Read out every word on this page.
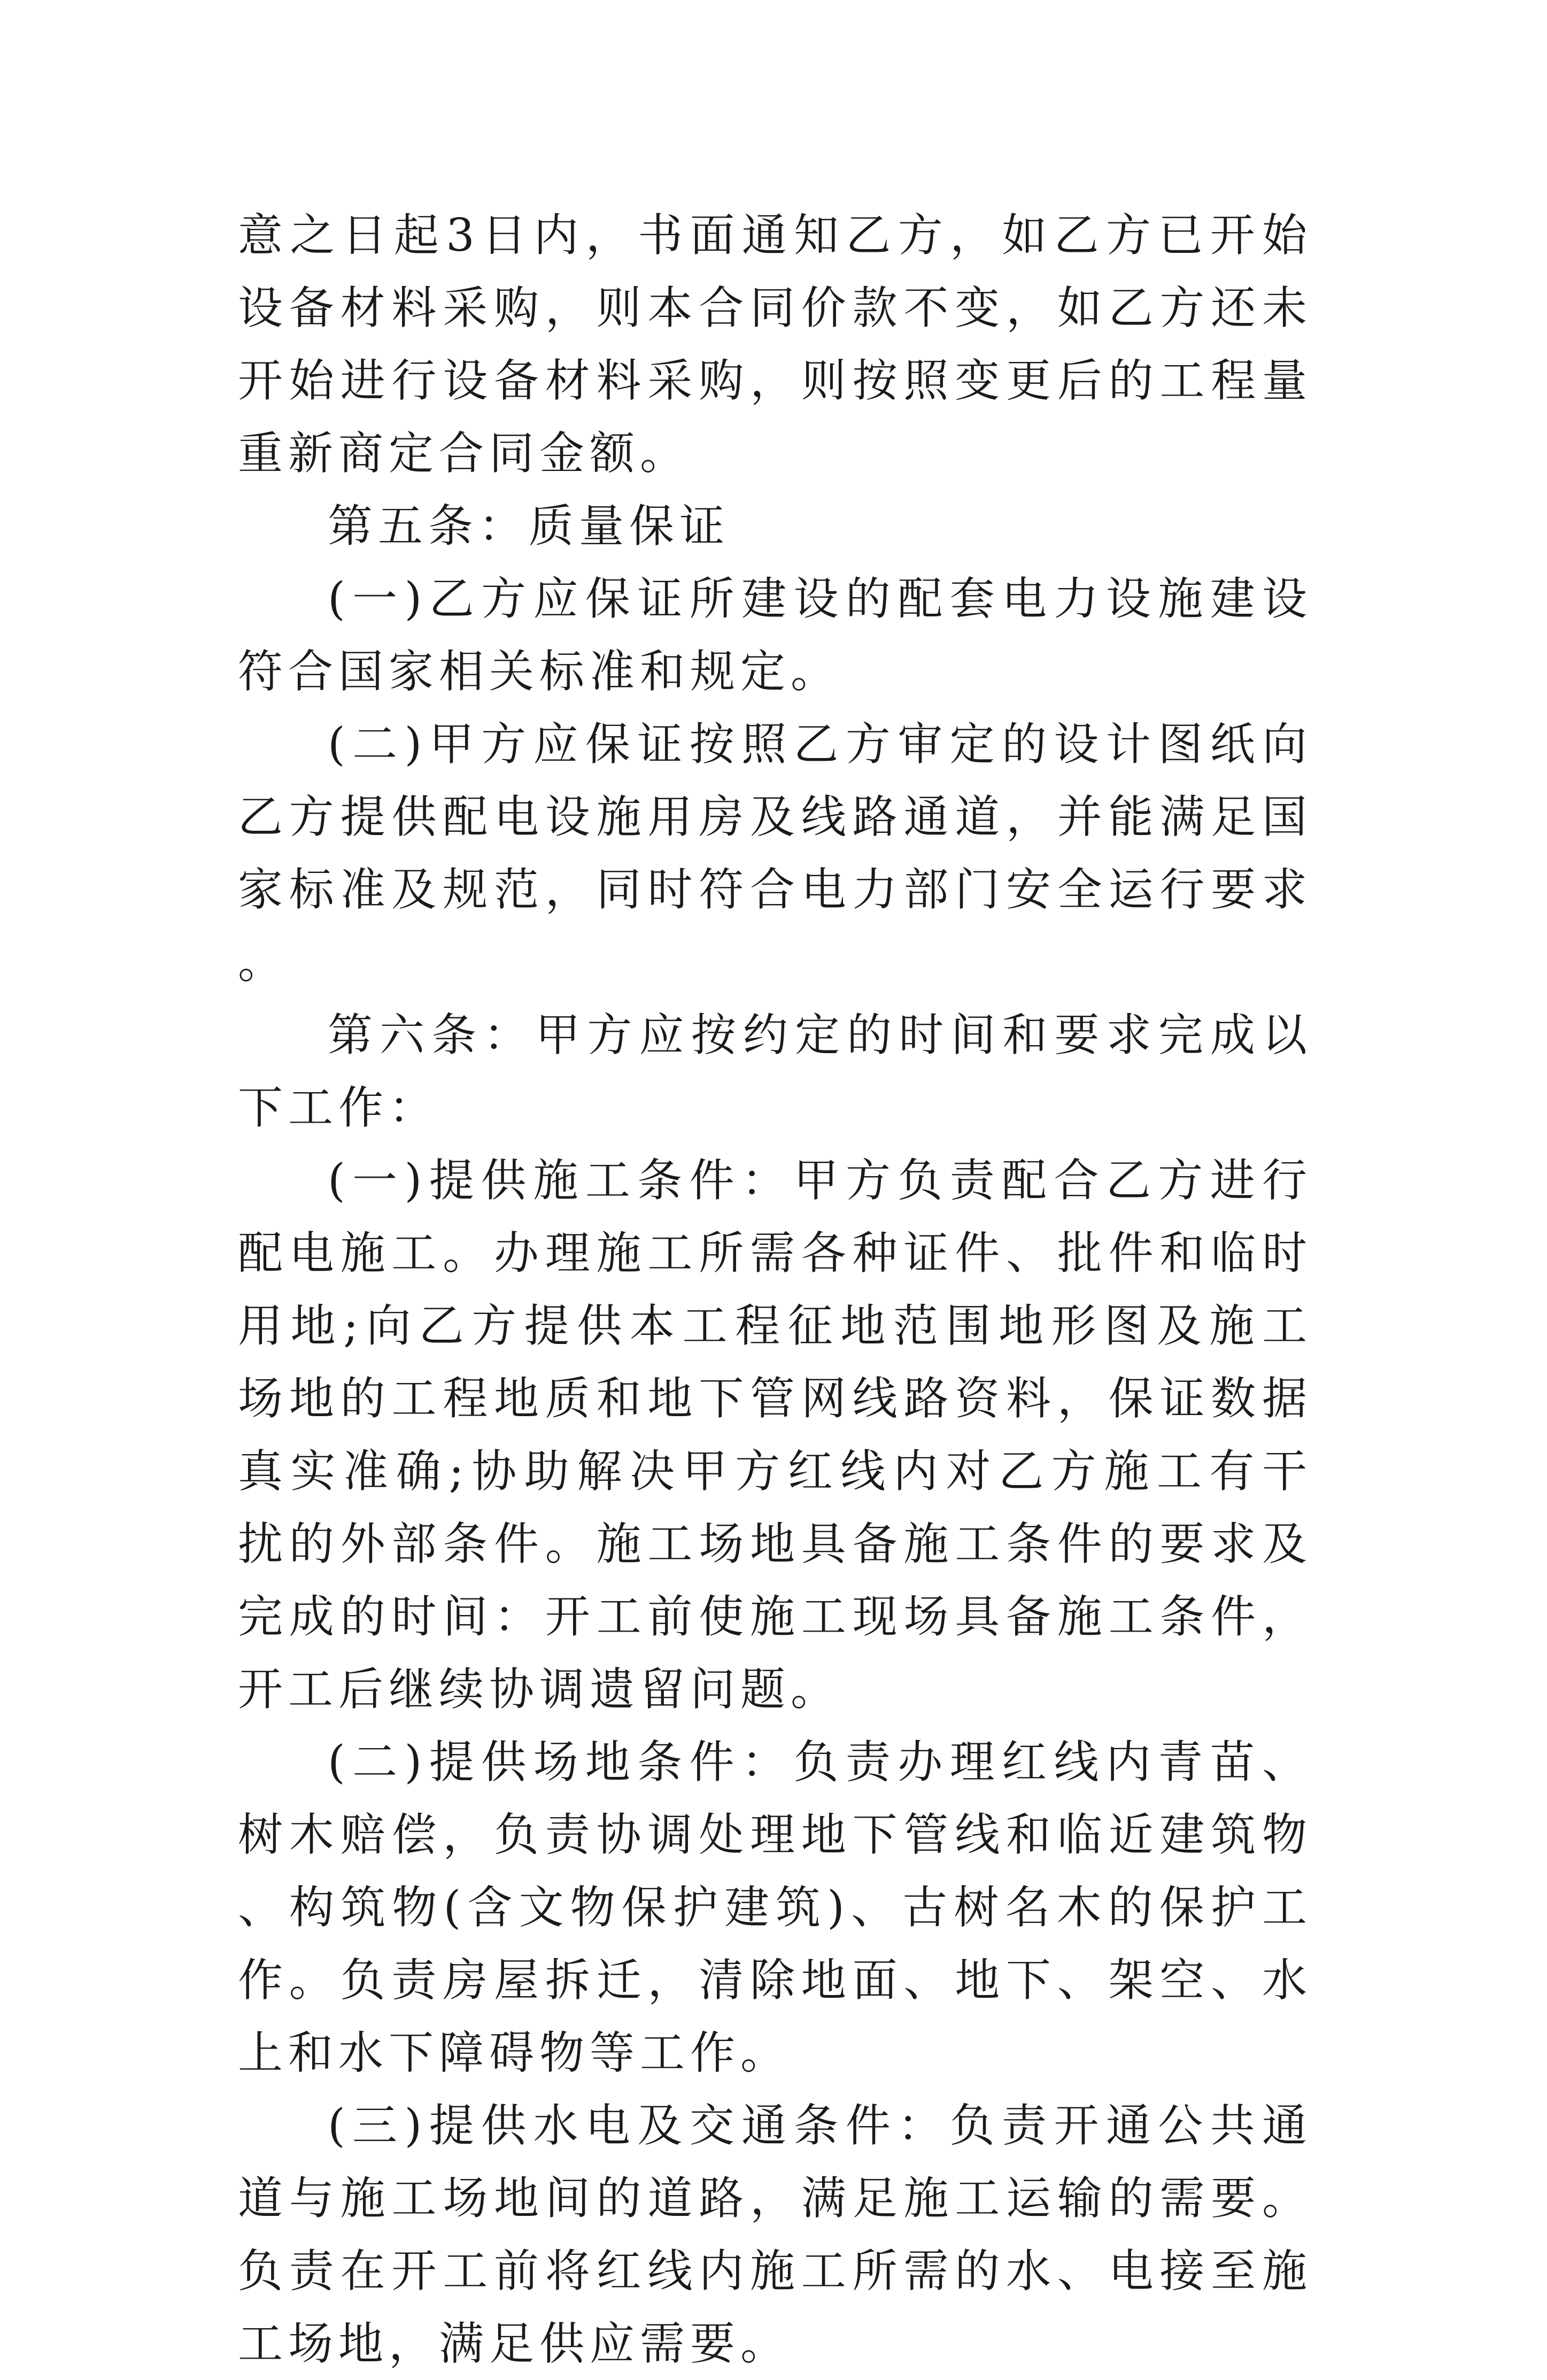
意之日起3日内，书面通知乙方，如乙方已开始设备材料采购，则本合同价款不变，如乙方还未开始进行设备材料采购，则按照变更后的工程量重新商定合同金额。

第五条：质量保证

(一)乙方应保证所建设的配套电力设施建设符合国家相关标准和规定。

(二)甲方应保证按照乙方审定的设计图纸向乙方提供配电设施用房及线路通道，并能满足国家标准及规范，同时符合电力部门安全运行要求。

第六条：甲方应按约定的时间和要求完成以下工作：

(一)提供施工条件：甲方负责配合乙方进行配电施工。办理施工所需各种证件、批件和临时用地;向乙方提供本工程征地范围地形图及施工场地的工程地质和地下管网线路资料，保证数据真实准确;协助解决甲方红线内对乙方施工有干扰的外部条件。施工场地具备施工条件的要求及完成的时间：开工前使施工现场具备施工条件，开工后继续协调遗留问题。

(二)提供场地条件：负责办理红线内青苗、树木赔偿，负责协调处理地下管线和临近建筑物、构筑物(含文物保护建筑)、古树名木的保护工作。负责房屋拆迁，清除地面、地下、架空、水上和水下障碍物等工作。

(三)提供水电及交通条件：负责开通公共通道与施工场地间的道路，满足施工运输的需要。负责在开工前将红线内施工所需的水、电接至施工场地，满足供应需要。
